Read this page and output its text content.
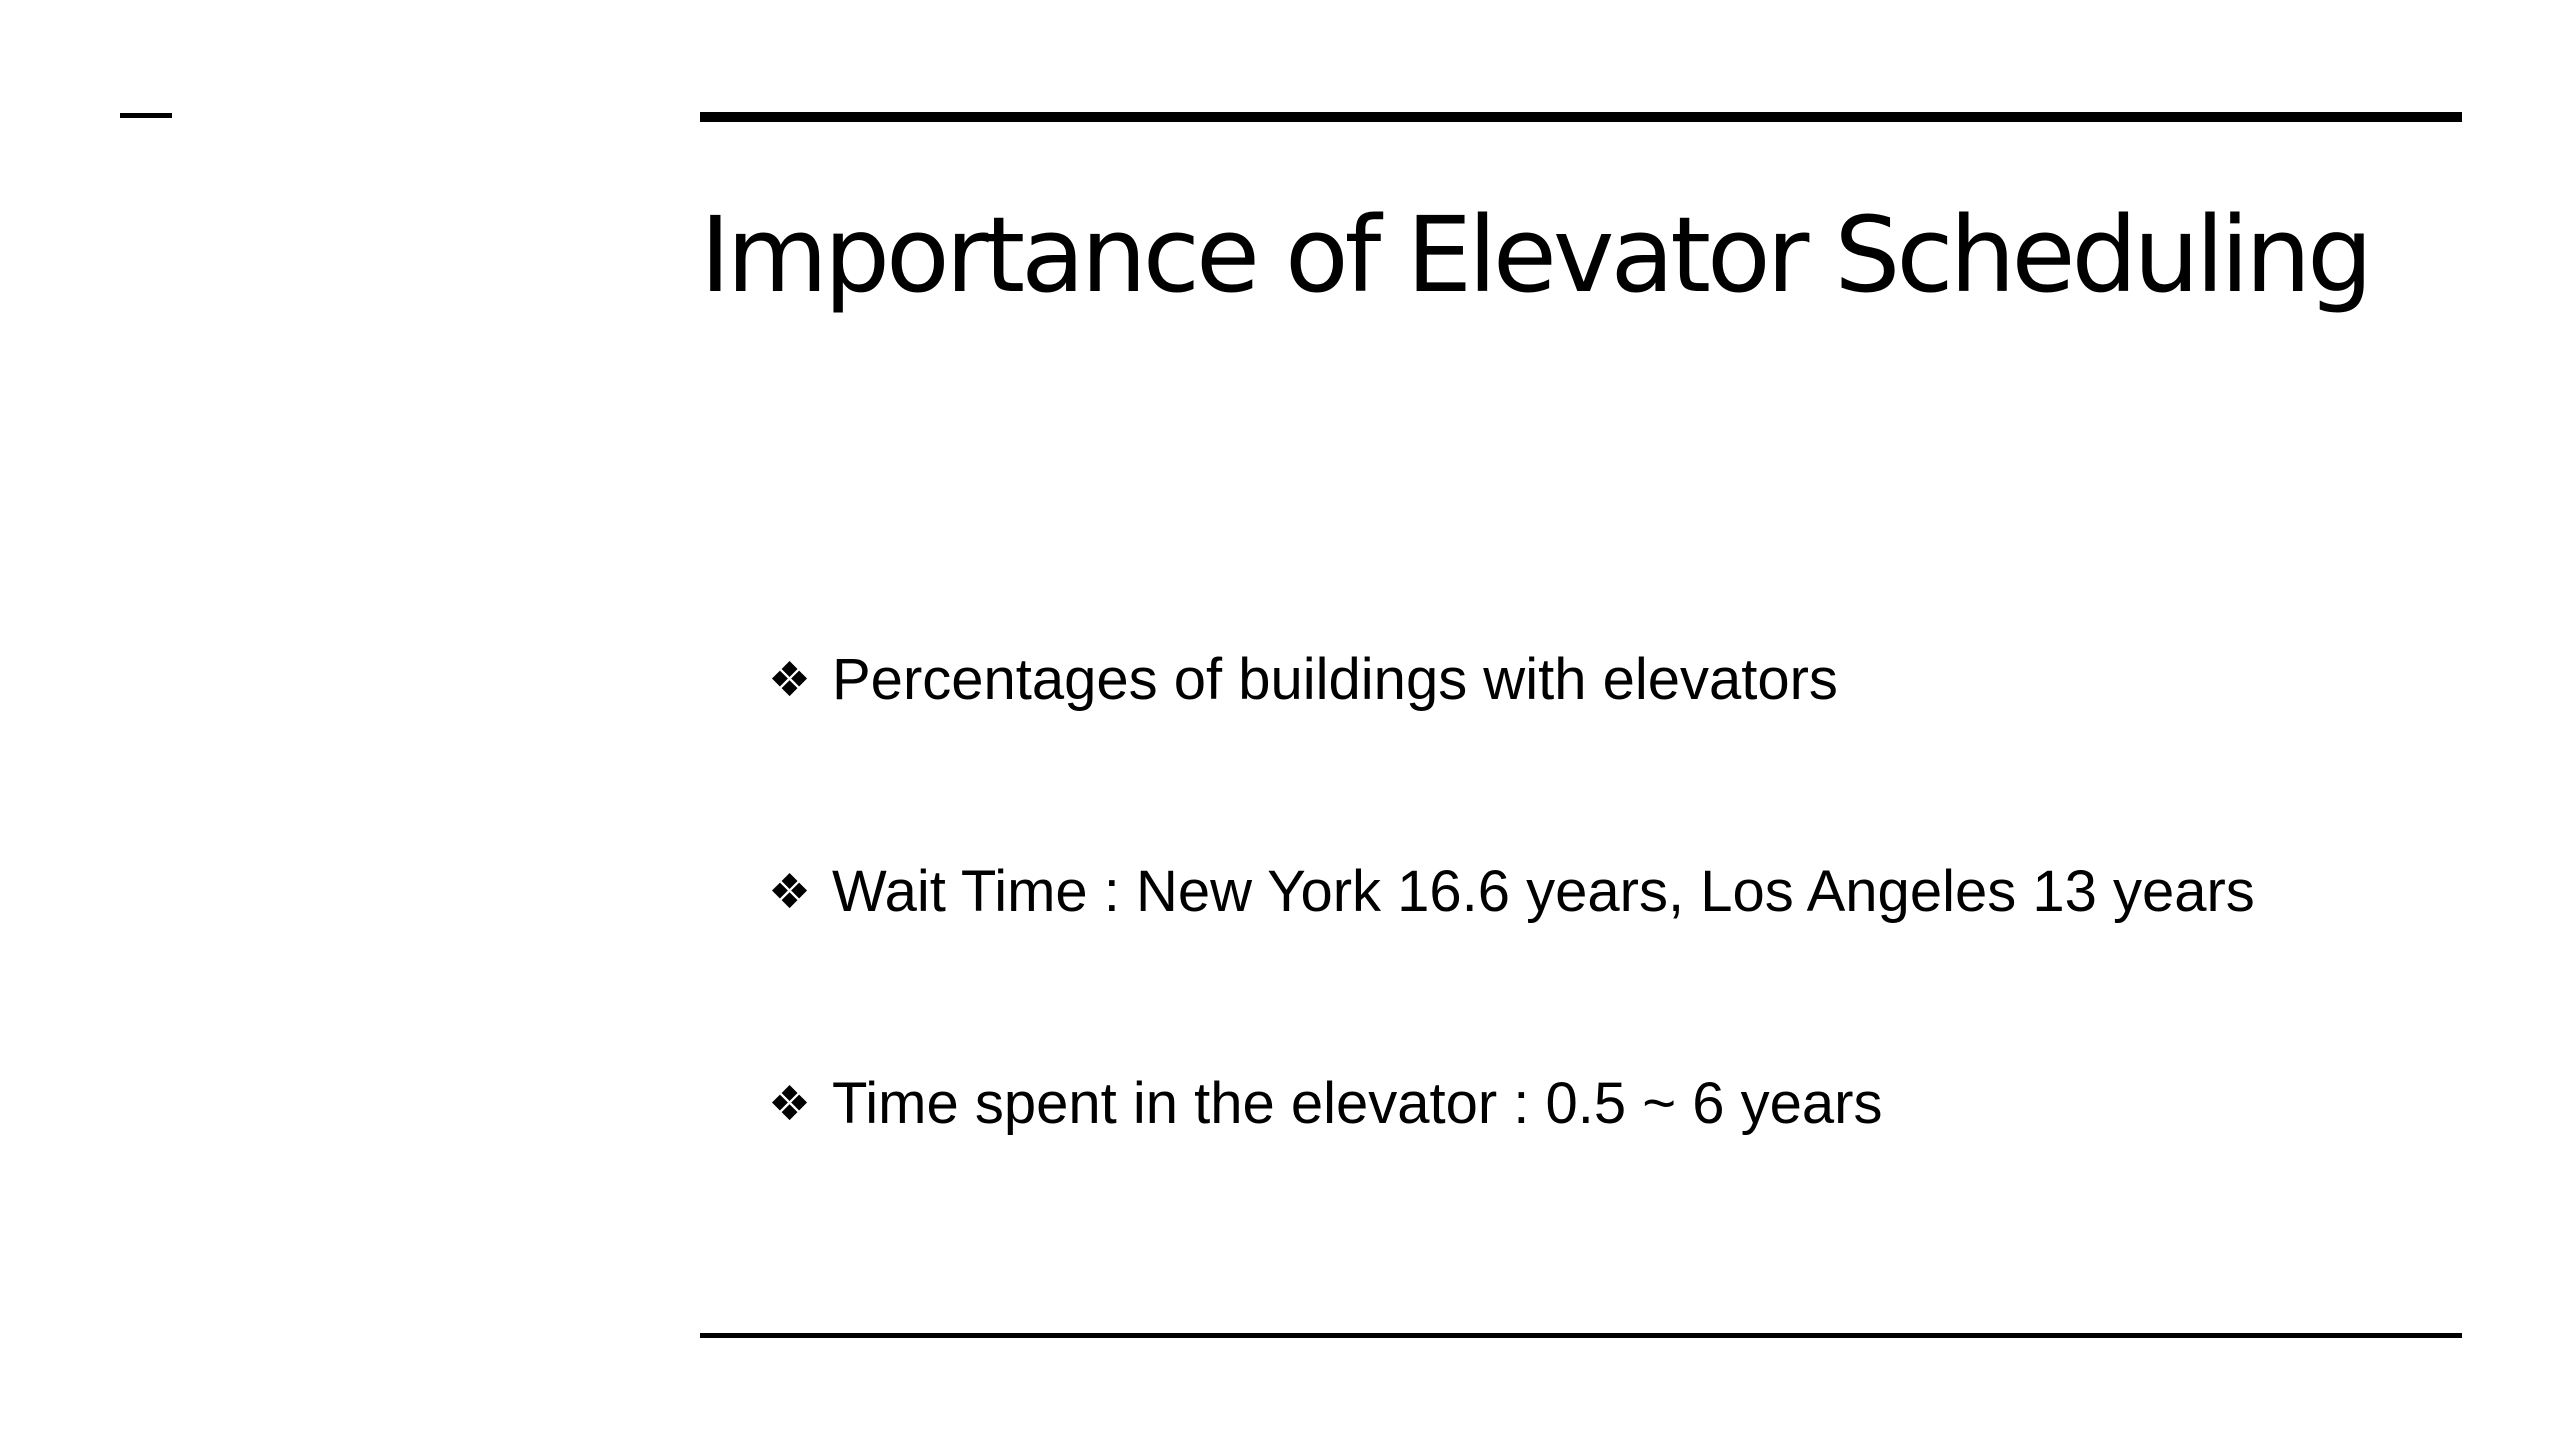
Importance of Elevator Scheduling
❖ Percentages of buildings with elevators
❖ Wait Time : New York 16.6 years, Los Angeles 13 years
❖ Time spent in the elevator : 0.5 ~ 6 years
